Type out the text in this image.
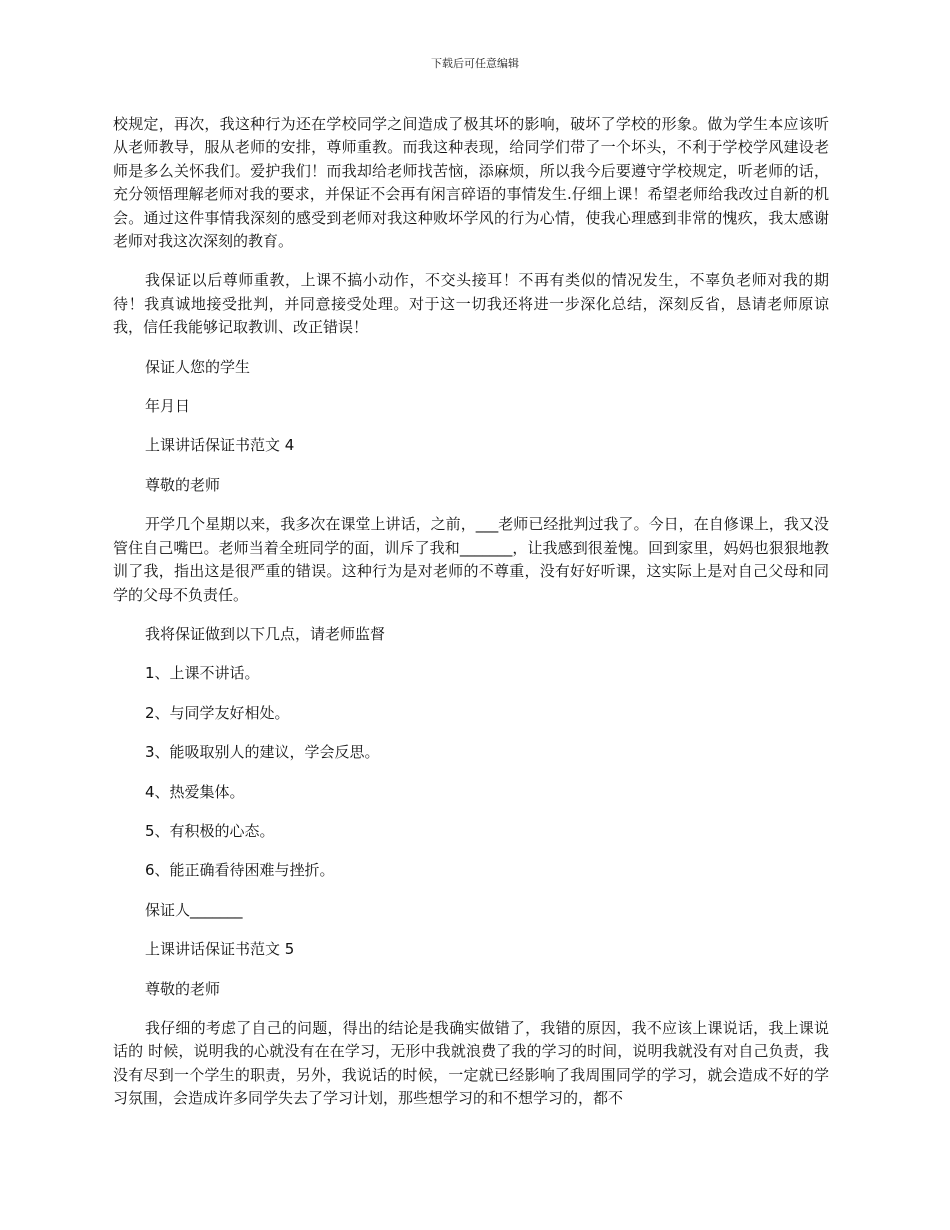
下载后可任意编辑

校规定，再次，我这种行为还在学校同学之间造成了极其坏的影响，破坏了学校的形象。做为学生本应该听从老师教导，服从老师的安排，尊师重教。而我这种表现，给同学们带了一个坏头，不利于学校学风建设老师是多么关怀我们。爱护我们！而我却给老师找苦恼，添麻烦，所以我今后要遵守学校规定，听老师的话，充分领悟理解老师对我的要求，并保证不会再有闲言碎语的事情发生.仔细上课！希望老师给我改过自新的机会。通过这件事情我深刻的感受到老师对我这种败坏学风的行为心情，使我心理感到非常的愧疚，我太感谢老师对我这次深刻的教育。

我保证以后尊师重教，上课不搞小动作，不交头接耳！不再有类似的情况发生，不辜负老师对我的期待！我真诚地接受批判，并同意接受处理。对于这一切我还将进一步深化总结，深刻反省，恳请老师原谅我，信任我能够记取教训、改正错误！

保证人您的学生

年月日

上课讲话保证书范文 4

尊敬的老师

开学几个星期以来，我多次在课堂上讲话，之前，___老师已经批判过我了。今日，在自修课上，我又没管住自己嘴巴。老师当着全班同学的面，训斥了我和_______，让我感到很羞愧。回到家里，妈妈也狠狠地教训了我，指出这是很严重的错误。这种行为是对老师的不尊重，没有好好听课，这实际上是对自己父母和同学的父母不负责任。

我将保证做到以下几点，请老师监督

1、上课不讲话。

2、与同学友好相处。

3、能吸取别人的建议，学会反思。

4、热爱集体。

5、有积极的心态。

6、能正确看待困难与挫折。

保证人_______

上课讲话保证书范文 5

尊敬的老师

我仔细的考虑了自己的问题，得出的结论是我确实做错了，我错的原因，我不应该上课说话，我上课说话的 时候，说明我的心就没有在在学习，无形中我就浪费了我的学习的时间，说明我就没有对自己负责，我没有尽到一个学生的职责，另外，我说话的时候，一定就已经影响了我周围同学的学习，就会造成不好的学习氛围，会造成许多同学失去了学习计划，那些想学习的和不想学习的，都不
